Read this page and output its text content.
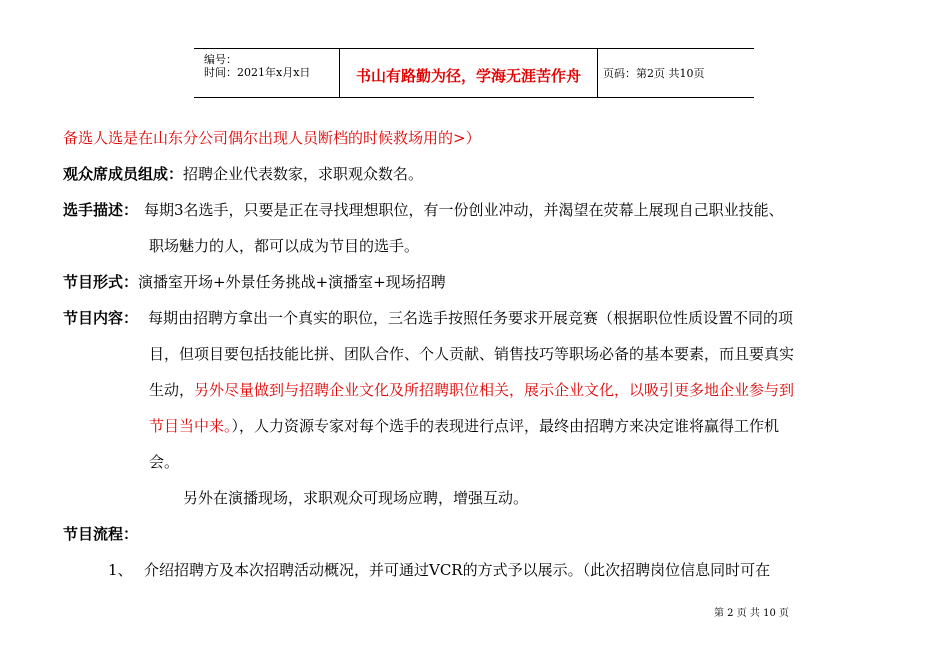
编号：
时间：2021年x月x日	书山有路勤为径，学海无涯苦作舟	页码：第2页 共10页
备选人选是在山东分公司偶尔出现人员断档的时候救场用的>）
观众席成员组成：招聘企业代表数家，求职观众数名。
选手描述： 每期3名选手，只要是正在寻找理想职位，有一份创业冲动，并渴望在荧幕上展现自己职业技能、
职场魅力的人，都可以成为节目的选手。
节目形式：演播室开场+外景任务挑战+演播室+现场招聘
节目内容： 每期由招聘方拿出一个真实的职位，三名选手按照任务要求开展竞赛（根据职位性质设置不同的项
目，但项目要包括技能比拼、团队合作、个人贡献、销售技巧等职场必备的基本要素，而且要真实
生动，另外尽量做到与招聘企业文化及所招聘职位相关，展示企业文化，以吸引更多地企业参与到
节目当中来。），人力资源专家对每个选手的表现进行点评，最终由招聘方来决定谁将赢得工作机
会。
另外在演播现场，求职观众可现场应聘，增强互动。
节目流程：
1、 介绍招聘方及本次招聘活动概况，并可通过VCR的方式予以展示。（此次招聘岗位信息同时可在
第 2 页 共 10 页
